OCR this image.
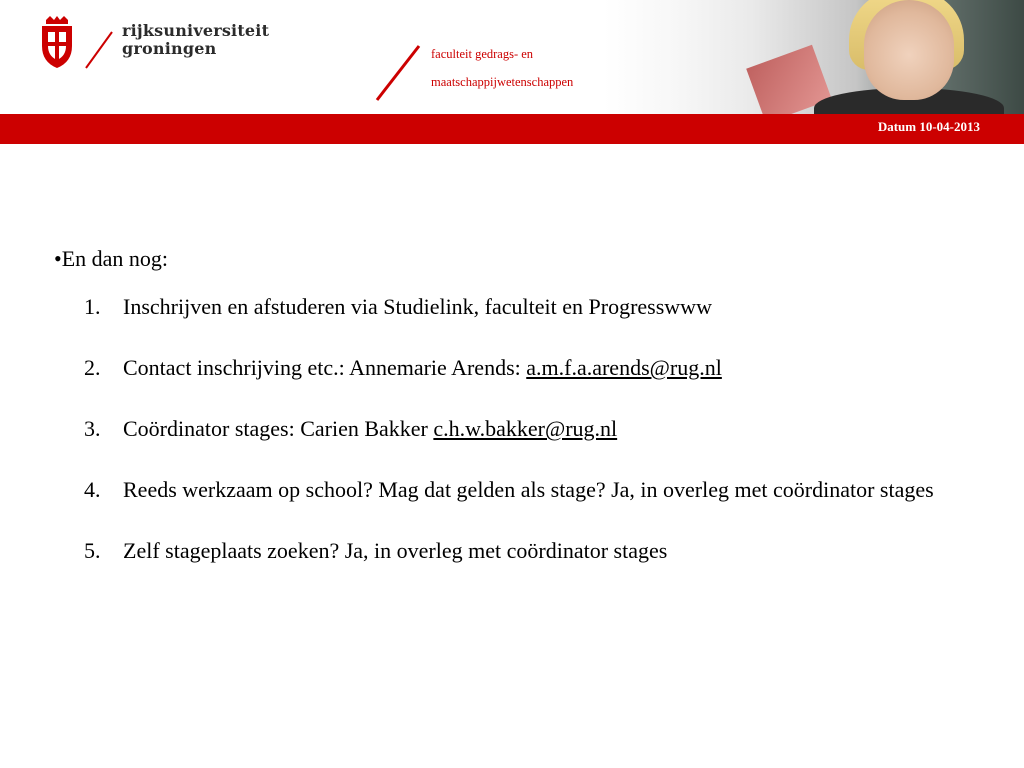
rijksuniversiteit
groningen	faculteit gedrags- en
maatschappijwetenschappen
Datum 10-04-2013
•En dan nog:
1.	Inschrijven en afstuderen via Studielink, faculteit en Progresswww
2.	Contact inschrijving etc.: Annemarie Arends: a.m.f.a.arends@rug.nl
3.	Coördinator stages: Carien Bakker c.h.w.bakker@rug.nl
4.	Reeds werkzaam op school? Mag dat gelden als stage? Ja, in overleg met coördinator stages
5.	Zelf stageplaats zoeken? Ja, in overleg met coördinator stages
